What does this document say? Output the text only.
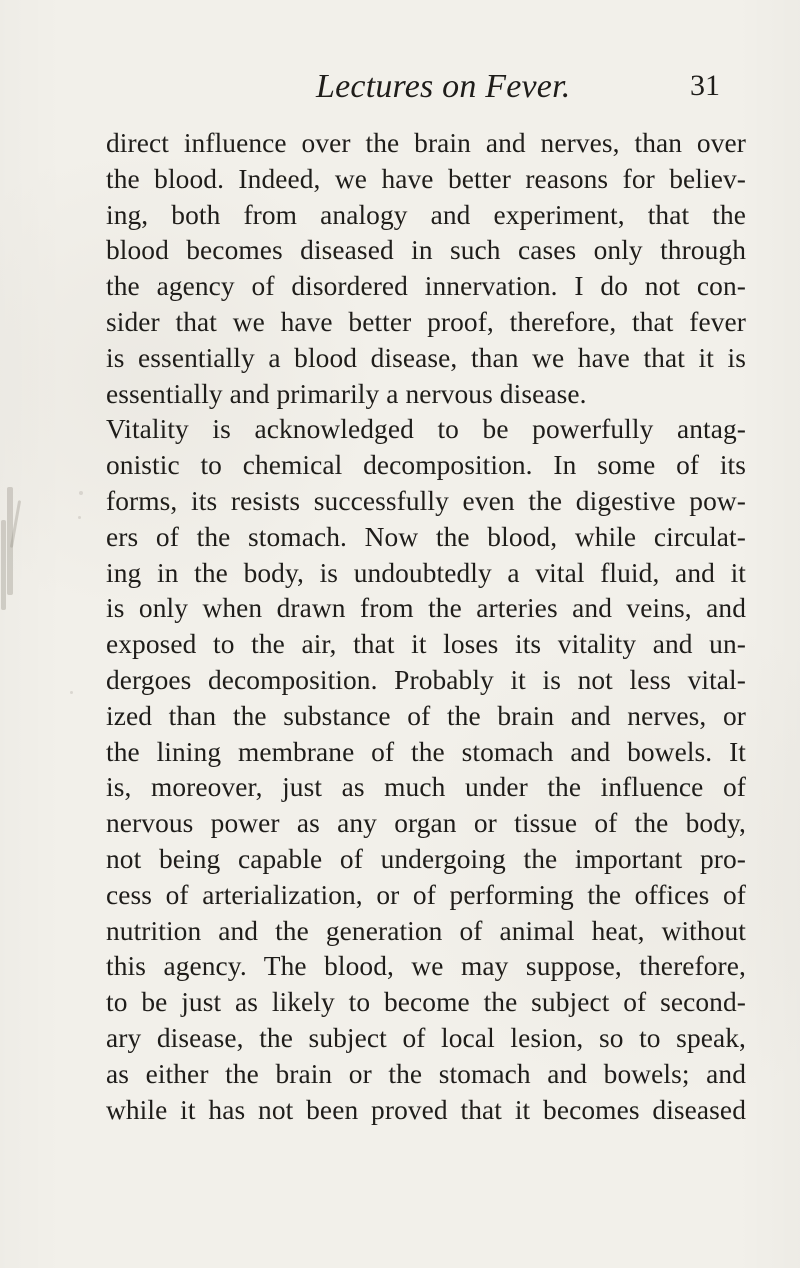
Lectures on Fever.	31
direct influence over the brain and nerves, than over
the blood. Indeed, we have better reasons for believ-
ing, both from analogy and experiment, that the
blood becomes diseased in such cases only through
the agency of disordered innervation. I do not con-
sider that we have better proof, therefore, that fever
is essentially a blood disease, than we have that it is
essentially and primarily a nervous disease.
Vitality is acknowledged to be powerfully antag-
onistic to chemical decomposition. In some of its
forms, its resists successfully even the digestive pow-
ers of the stomach. Now the blood, while circulat-
ing in the body, is undoubtedly a vital fluid, and it
is only when drawn from the arteries and veins, and
exposed to the air, that it loses its vitality and un-
dergoes decomposition. Probably it is not less vital-
ized than the substance of the brain and nerves, or
the lining membrane of the stomach and bowels. It
is, moreover, just as much under the influence of
nervous power as any organ or tissue of the body,
not being capable of undergoing the important pro-
cess of arterialization, or of performing the offices of
nutrition and the generation of animal heat, without
this agency. The blood, we may suppose, therefore,
to be just as likely to become the subject of second-
ary disease, the subject of local lesion, so to speak,
as either the brain or the stomach and bowels; and
while it has not been proved that it becomes diseased
